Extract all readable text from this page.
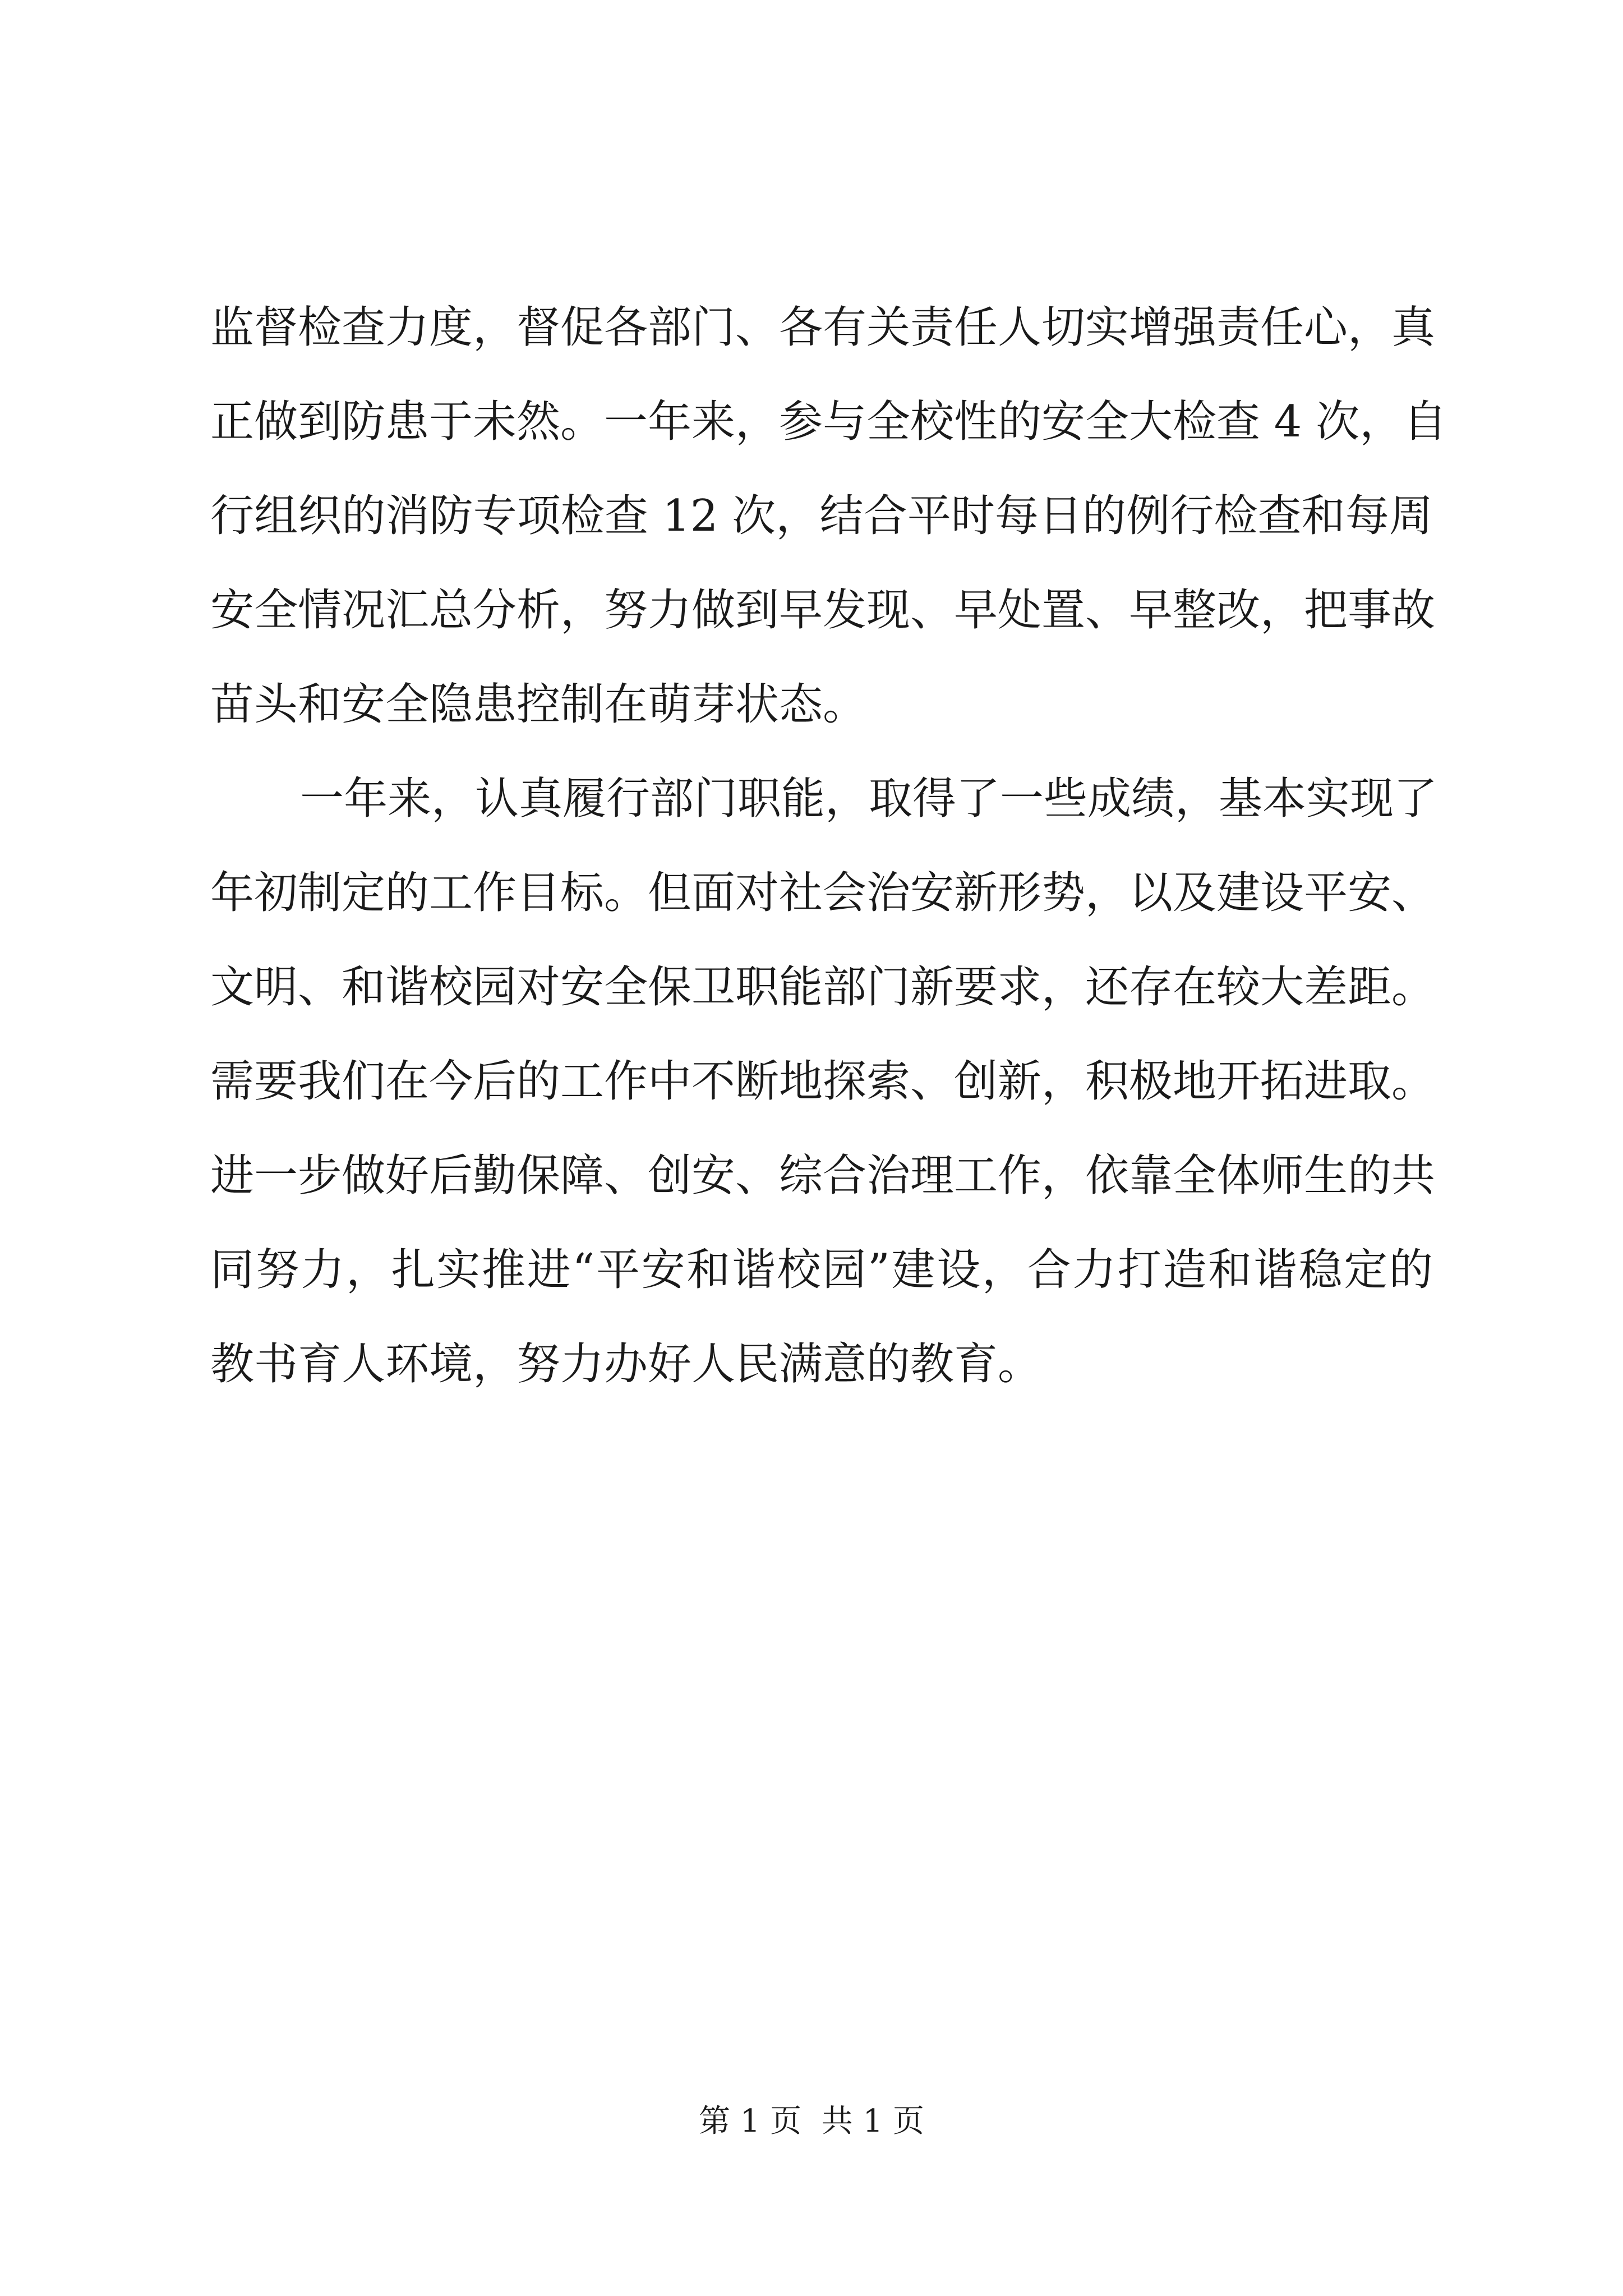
监督检查力度，督促各部门、各有关责任人切实增强责任心，真
正做到防患于未然。一年来，参与全校性的安全大检查 4 次，自
行组织的消防专项检查 12 次，结合平时每日的例行检查和每周
安全情况汇总分析，努力做到早发现、早处置、早整改，把事故
苗头和安全隐患控制在萌芽状态。
一年来，认真履行部门职能，取得了一些成绩，基本实现了
年初制定的工作目标。但面对社会治安新形势，以及建设平安、
文明、和谐校园对安全保卫职能部门新要求，还存在较大差距。
需要我们在今后的工作中不断地探索、创新，积极地开拓进取。
进一步做好后勤保障、创安、综合治理工作，依靠全体师生的共
同努力，扎实推进“平安和谐校园”建设，合力打造和谐稳定的
教书育人环境，努力办好人民满意的教育。
第 1 页  共 1 页
